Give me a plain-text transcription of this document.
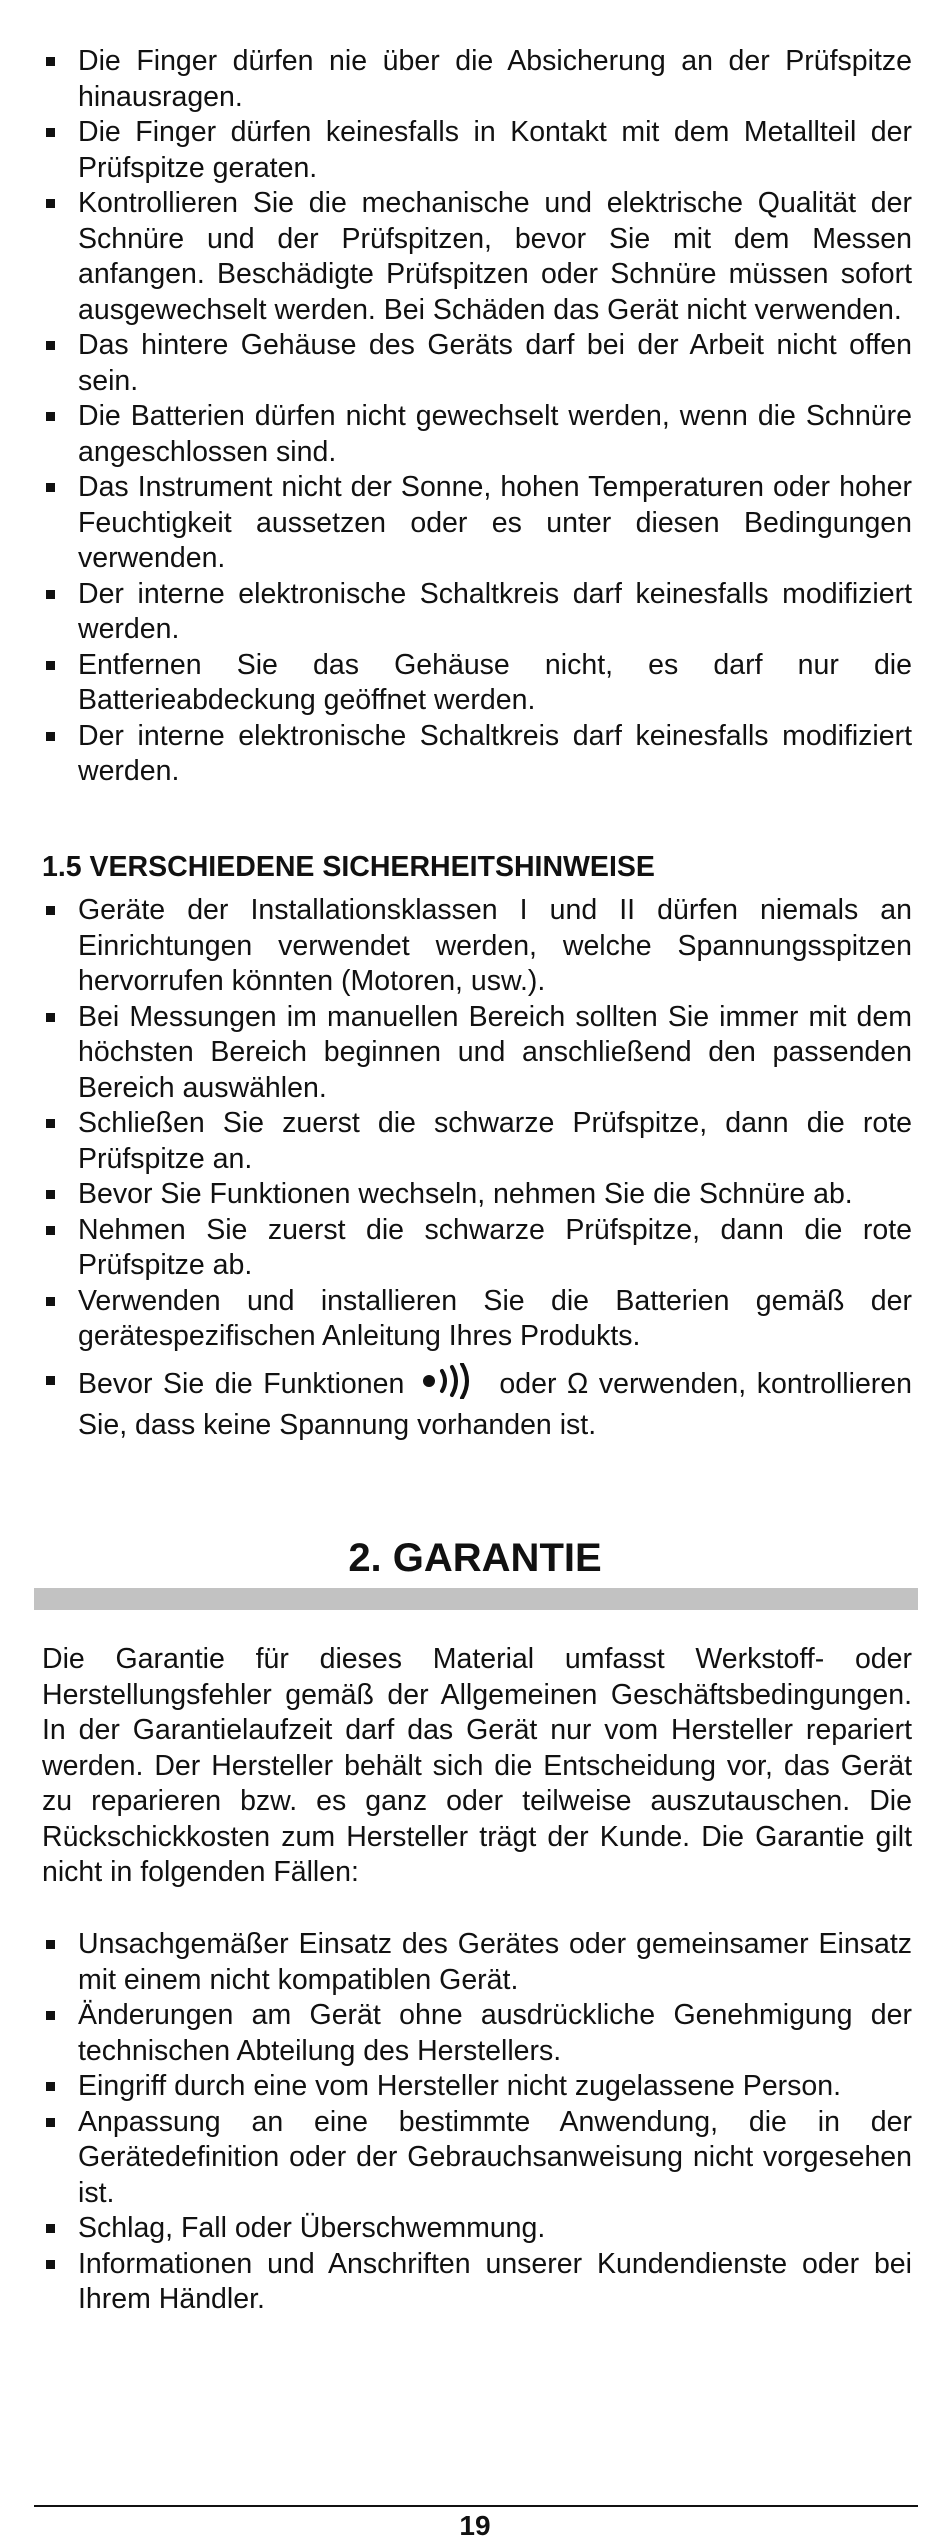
Die Finger dürfen nie über die Absicherung an der Prüfspitze hinausragen.
Die Finger dürfen keinesfalls in Kontakt mit dem Metallteil der Prüfspitze geraten.
Kontrollieren Sie die mechanische und elektrische Qualität der Schnüre und der Prüfspitzen, bevor Sie mit dem Messen anfangen. Beschädigte Prüfspitzen oder Schnüre müssen sofort ausgewechselt werden. Bei Schäden das Gerät nicht verwenden.
Das hintere Gehäuse des Geräts darf bei der Arbeit nicht offen sein.
Die Batterien dürfen nicht gewechselt werden, wenn die Schnüre angeschlossen sind.
Das Instrument nicht der Sonne, hohen Temperaturen oder hoher Feuchtigkeit aussetzen oder es unter diesen Bedingungen verwenden.
Der interne elektronische Schaltkreis darf keinesfalls modifiziert werden.
Entfernen Sie das Gehäuse nicht, es darf nur die Batterieabdeckung geöffnet werden.
Der interne elektronische Schaltkreis darf keinesfalls modifiziert werden.
1.5 VERSCHIEDENE SICHERHEITSHINWEISE
Geräte der Installationsklassen I und II dürfen niemals an Einrichtungen verwendet werden, welche Spannungsspitzen hervorrufen könnten (Motoren, usw.).
Bei Messungen im manuellen Bereich sollten Sie immer mit dem höchsten Bereich beginnen und anschließend den passenden Bereich auswählen.
Schließen Sie zuerst die schwarze Prüfspitze, dann die rote Prüfspitze an.
Bevor Sie Funktionen wechseln, nehmen Sie die Schnüre ab.
Nehmen Sie zuerst die schwarze Prüfspitze, dann die rote Prüfspitze ab.
Verwenden und installieren Sie die Batterien gemäß der gerätespezifischen Anleitung Ihres Produkts.
Bevor Sie die Funktionen	oder Ω verwenden, kontrollieren Sie, dass keine Spannung vorhanden ist.
2. GARANTIE

Die Garantie für dieses Material umfasst Werkstoff- oder Herstellungsfehler gemäß der Allgemeinen Geschäftsbedingungen. In der Garantielaufzeit darf das Gerät nur vom Hersteller repariert werden. Der Hersteller behält sich die Entscheidung vor, das Gerät zu reparieren bzw. es ganz oder teilweise auszutauschen. Die Rückschickkosten zum Hersteller trägt der Kunde. Die Garantie gilt nicht in folgenden Fällen:

Unsachgemäßer Einsatz des Gerätes oder gemeinsamer Einsatz mit einem nicht kompatiblen Gerät.
Änderungen am Gerät ohne ausdrückliche Genehmigung der technischen Abteilung des Herstellers.
Eingriff durch eine vom Hersteller nicht zugelassene Person.
Anpassung an eine bestimmte Anwendung, die in der Gerätedefinition oder der Gebrauchsanweisung nicht vorgesehen ist.
Schlag, Fall oder Überschwemmung.
Informationen und Anschriften unserer Kundendienste oder bei Ihrem Händler.
19
